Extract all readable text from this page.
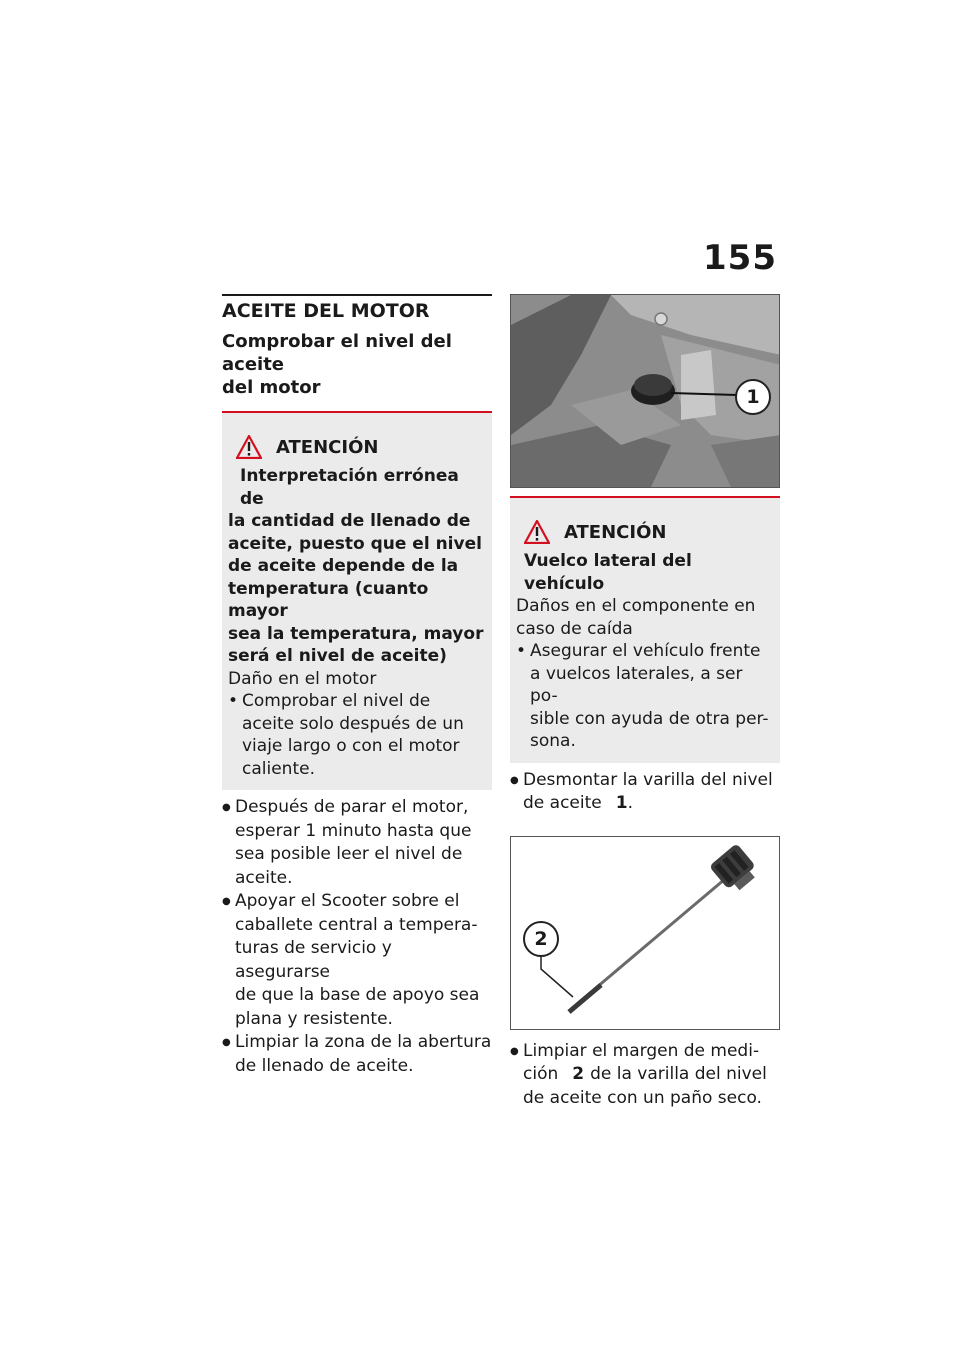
155
ACEITE DEL MOTOR
Comprobar el nivel del aceite
del motor
ATENCIÓN
Interpretación errónea de
la cantidad de llenado de
aceite, puesto que el nivel
de aceite depende de la
temperatura (cuanto mayor
sea la temperatura, mayor
será el nivel de aceite)
Daño en el motor
• Comprobar el nivel de
aceite solo después de un
viaje largo o con el motor
caliente.
●
Después de parar el motor,
esperar 1 minuto hasta que
sea posible leer el nivel de
aceite.
●
Apoyar el Scooter sobre el
caballete central a tempera-
turas de servicio y asegurarse
de que la base de apoyo sea
plana y resistente.
●
Limpiar la zona de la abertura
de llenado de aceite.
1
ATENCIÓN
Vuelco lateral del vehículo
Daños en el componente en
caso de caída
• Asegurar el vehículo frente
a vuelcos laterales, a ser po-
sible con ayuda de otra per-
sona.
●
Desmontar la varilla del nivel
de aceite 1.
2
●
Limpiar el margen de medi-
ción 2 de la varilla del nivel
de aceite con un paño seco.
